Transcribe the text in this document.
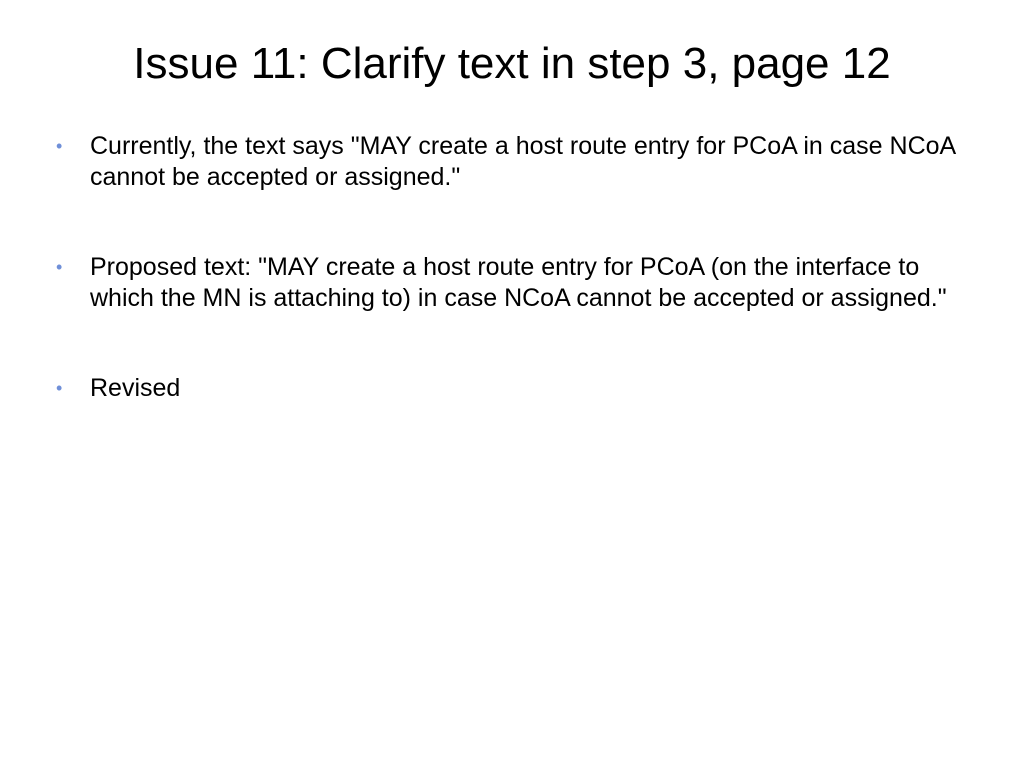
Issue 11: Clarify text in step 3, page 12
• Currently, the text says "MAY create a host route entry for PCoA in case NCoA cannot be accepted or assigned."
• Proposed text: "MAY create a host route entry for PCoA (on the interface to which the MN is attaching to) in case NCoA cannot be accepted or assigned."
• Revised
